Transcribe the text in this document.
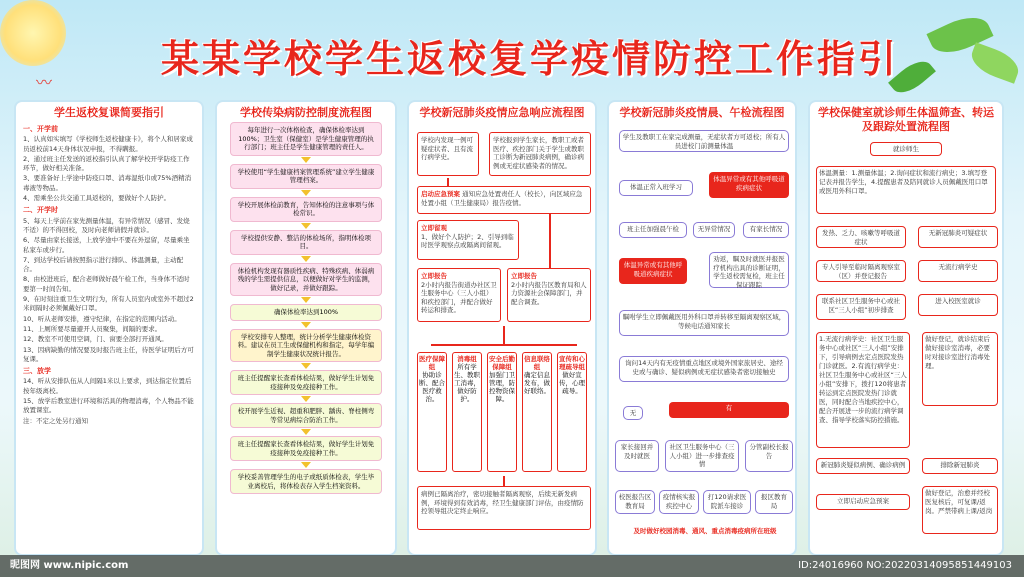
〰
某某学校学生返校复学疫情防控工作指引
学生返校复课简要指引
一、开学前

1、认真如实填写《学校师生返校健康卡》，将个人和居家成员返校前14天身体状况申报，不得瞒报。

2、通过班主任发送的返校指引认真了解学校开学防疫工作环节，做好相关准备。

3、要准备好上学途中防疫口罩、消毒湿纸巾或75%酒精消毒液等物品。

4、需乘坐公共交通工具返校的，要做好个人防护。

二、开学时

5、每天上学前在家先测量体温，有异常情况（感冒、发烧不适）的不得回校，及时向老师请假并就诊。

6、尽量由家长接送，上放学途中不要在外逗留，尽量乘坐私家车或步行。

7、到达学校后请按照指示进行排队、体温测量，主动配合。

8、由校进班后，配合老师做好晨午检工作，当身体不适时要第一时间告知。

9、在时刻注重卫生文明行为，所有人员室内或室外不超过2米间隔时必须佩戴好口罩。

10、听从老师安排，遵守纪律，在指定的范围内活动。

11、上厕所要尽量避开人员聚集，间隔的要求。

12、教室不可使用空调，门、窗要全部打开通风。

13、因病缺勤的情况要及时报告班主任，待医学证明后方可复课。

三、放学

14、听从安排队伍从人间隔1米以上要求，到达指定位置后按年级离校。

15、放学后教室进行环境和活具的物理消毒，个人物品不能放置课室。

注：不定之处另行通知

学校传染病防控制度流程图
每年进行一次体格检查，确保体检率达到100%；卫生室（保健室）是学生健康管理的执行部门；班主任是学生健康管理的责任人。
学校使用“学生健康档案管理系统”建立学生健康管理档案。
学校开展体检前教育，告知体检的注意事项与体检常识。
学校提供安静、整洁的体检场所，指明体检项目。
体检机构发现有器质性疾病、特殊疾病、体弱病残的学生需提供信息，以便做好对学生的监测，做好记录，并做好跟踪。
确保体检率达到100%
学校安排专人整理，统计分析学生健康体检资料。建议在员工生或保健机构和指定，每学年编制学生健康状况统计报告。
班主任提醒家长查看体检结果，做好学生计划免疫接种及免疫接种工作。
校开展学生近视、超重和肥胖、龋齿、脊柱侧弯等常见病综合防治工作。
班主任提醒家长查看体检结果，做好学生计划免疫接种及免疫接种工作。
学校妥善管理学生的电子或纸质体检表，学生毕业离校后，将体检表存入学生档案资料。
学校新冠肺炎疫情应急响应流程图
学校内发现一例可疑症状者、且有流行病学史。
学校报到学生家长，教职工或者医疗、疾控部门关于学生或教职工诊断为新冠肺炎病例，确诊病例或无症状感染者的情况。
启动应急预案 通知应急处置责任人（校长），向区域应急处置小组（卫生健康局）报告疫情。
立即留观
1、做好个人防护；2、引导到临时医学观察点或隔离间留观。
立即报告
2小时内报告街道办社区卫生服务中心（三人小组）和疾控部门，并配合做好转运和排查。
立即报告
2小时内报告区教育局和人力资源社会保障部门，并配合调查。
医疗保障组
协助诊断、配合医疗救治。
消毒组
所有学生、教职工消毒，做好防护。
安全后勤保障组
加强门卫管理，防控物资保障。
信息联络组
确定信息发布，做好联络。
宣传和心理疏导组
做好宣传，心理疏导。
病例已隔离治疗，密切接触者隔离观察，后续无新发病例，环境得到有效消毒，经卫生健康部门评估，由疫情防控领导组决定终止响应。
学校新冠肺炎疫情晨、午检流程图
学生及教职工在家完成测量，无症状者方可返校；所有人员进校门前测量体温
体温正常入班学习
体温异常或有其他呼吸道疾病症状
班主任加强晨午检	无异常情况	有家长情况
体温异常或有其他呼吸道疾病症状
劝返，瞩及时就医并报医疗机构出具的诊断证明，学生返校需复检，班主任保证跟踪
瞩咐学生立即佩戴医用外科口罩并转移至隔离观察区域，等候电话通知家长
询问14天内有无疫情重点地区或境外国家旅居史、途经史或与确诊、疑似病例或无症状感染者密切接触史
无
有
家长接回并及时就医
社区卫生服务中心（三人小组）进一步排查疫情
分管副校长报告
校医报告区教育局
疫情核实报疾控中心
打120请求医院派车接诊
报区教育局
及时做好校园消毒、通风、重点消毒疫病所在班级
学校保健室就诊师生体温筛查、转运及跟踪处置流程图
就诊师生
体温测量：1.测量体温；2.询问症状和流行病史；3.填写登记表并报告学生，4.提醒患者及陪同就诊人员佩戴医用口罩或医用外科口罩。
发热、乏力、咳嗽等呼吸道症状
无新冠肺炎可疑症状
专人引导至临时隔离观察室（区）并登记报告
无流行病学史
联系社区卫生服务中心或社区“三人小组”初步排查
进入校医室就诊
1.无流行病学史：社区卫生服务中心或社区“三人小组”安排下，引导病例去定点医院发热门诊就医。2.有流行病学史：社区卫生服务中心或社区“三人小组”安排下，拨打120将患者转运到定点医院发热门诊就医，同时配合当地疾控中心，配合开展进一步的流行病学调查、指导学校落实防控措施。
做好登记，就诊结束后做好接诊室消毒，必要时对接诊室进行消毒处理。
新冠肺炎疑似病例、确诊病例	排除新冠肺炎
立即启动应急预案
做好登记，治愈并经校医复核后，可复课/返岗。严禁带病上课/返岗
昵图网 www.nipic.com	ID:24016960 NO:20220314095851449103
